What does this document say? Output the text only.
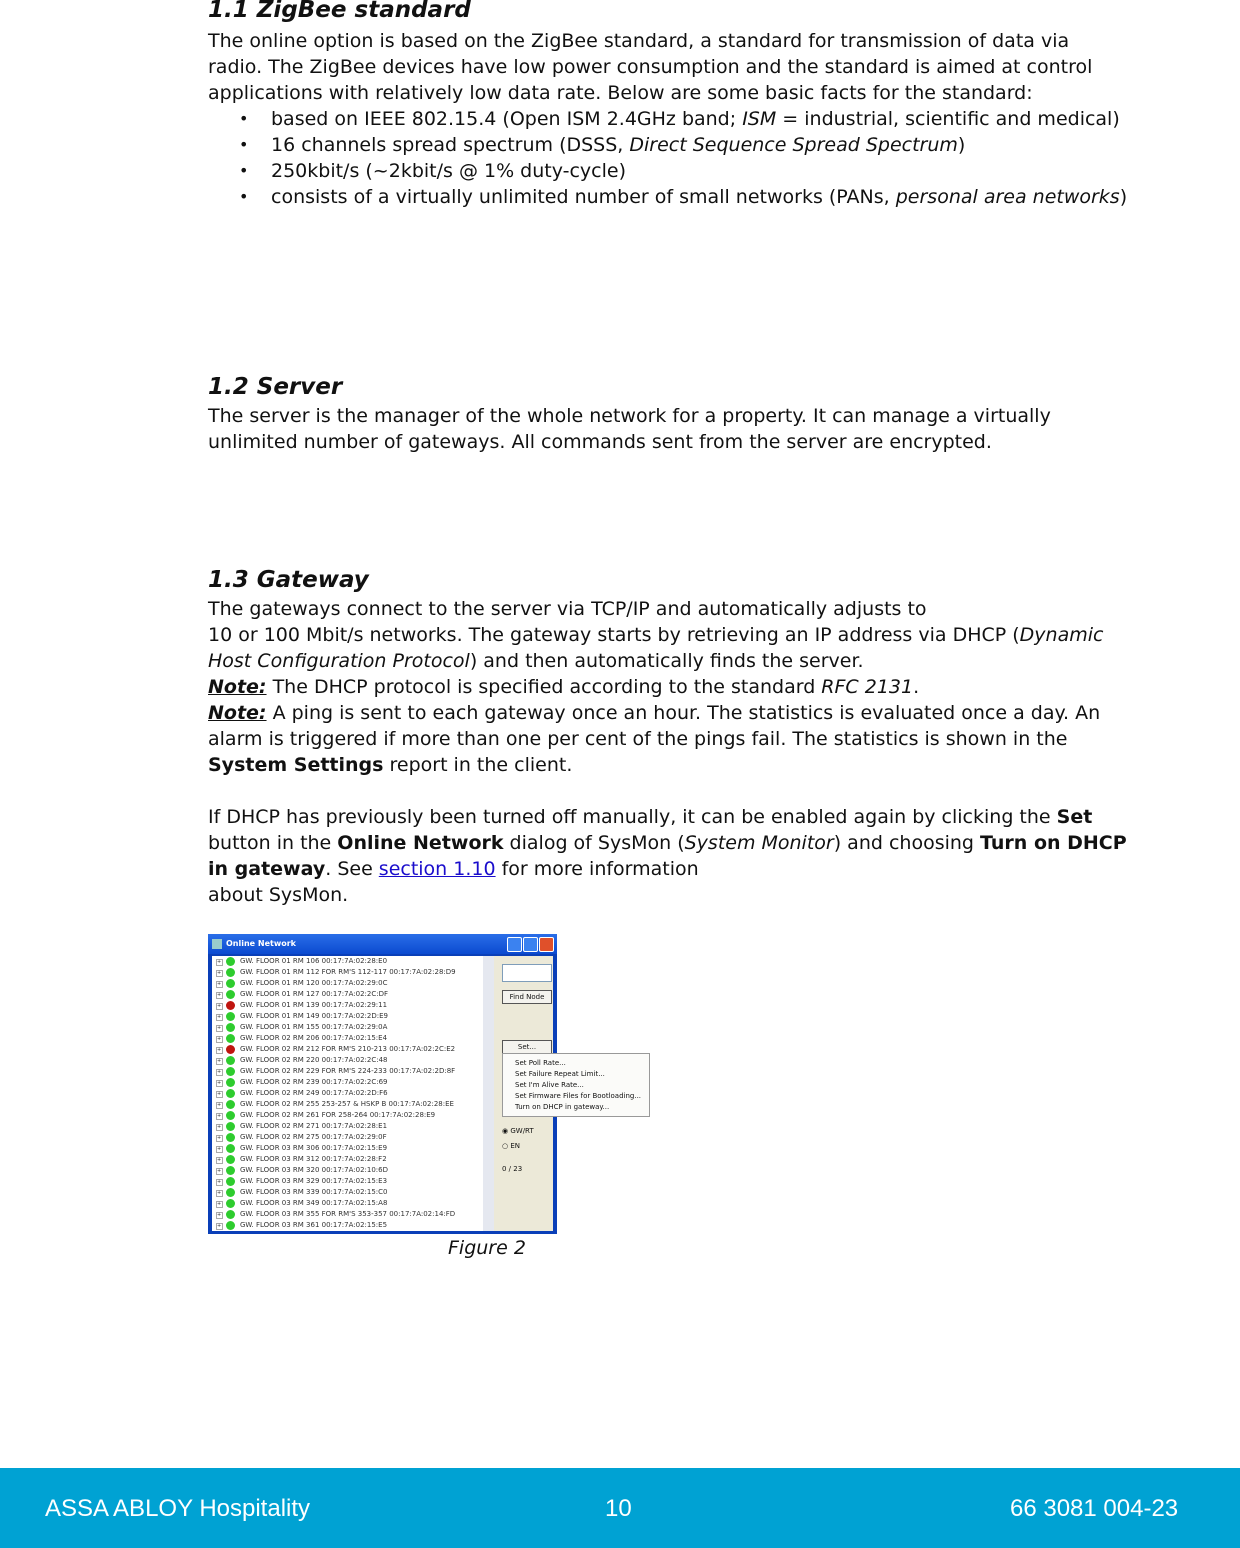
1.1 ZigBee standard

The online option is based on the ZigBee standard, a standard for transmission of data via radio. The ZigBee devices have low power consumption and the standard is aimed at control applications with relatively low data rate. Below are some basic facts for the standard:

• based on IEEE 802.15.4 (Open ISM 2.4GHz band; ISM = industrial, scientific and medical)
• 16 channels spread spectrum (DSSS, Direct Sequence Spread Spectrum)
• 250kbit/s (~2kbit/s @ 1% duty-cycle)
• consists of a virtually unlimited number of small networks (PANs, personal area networks)
1.2 Server

The server is the manager of the whole network for a property. It can manage a virtually unlimited number of gateways. All commands sent from the server are encrypted.

1.3 Gateway

The gateways connect to the server via TCP/IP and automatically adjusts to
10 or 100 Mbit/s networks. The gateway starts by retrieving an IP address via DHCP (Dynamic Host Configuration Protocol) and then automatically finds the server.

Note: The DHCP protocol is specified according to the standard RFC 2131.

Note: A ping is sent to each gateway once an hour. The statistics is evaluated once a day. An alarm is triggered if more than one per cent of the pings fail. The statistics is shown in the System Settings report in the client.

If DHCP has previously been turned off manually, it can be enabled again by clicking the Set button in the Online Network dialog of SysMon (System Monitor) and choosing Turn on DHCP in gateway. See section 1.10 for more information
about SysMon.

Online Network
+	GW. FLOOR 01 RM 106 00:17:7A:02:28:E0
+	GW. FLOOR 01 RM 112 FOR RM'S 112-117 00:17:7A:02:28:D9
+	GW. FLOOR 01 RM 120 00:17:7A:02:29:0C
+	GW. FLOOR 01 RM 127 00:17:7A:02:2C:DF
+	GW. FLOOR 01 RM 139 00:17:7A:02:29:11
+	GW. FLOOR 01 RM 149 00:17:7A:02:2D:E9
+	GW. FLOOR 01 RM 155 00:17:7A:02:29:0A
+	GW. FLOOR 02 RM 206 00:17:7A:02:15:E4
+	GW. FLOOR 02 RM 212 FOR RM'S 210-213 00:17:7A:02:2C:E2
+	GW. FLOOR 02 RM 220 00:17:7A:02:2C:48
+	GW. FLOOR 02 RM 229 FOR RM'S 224-233 00:17:7A:02:2D:8F
+	GW. FLOOR 02 RM 239 00:17:7A:02:2C:69
+	GW. FLOOR 02 RM 249 00:17:7A:02:2D:F6
+	GW. FLOOR 02 RM 255 253-257 & HSKP B 00:17:7A:02:28:EE
+	GW. FLOOR 02 RM 261 FOR 258-264 00:17:7A:02:28:E9
+	GW. FLOOR 02 RM 271 00:17:7A:02:28:E1
+	GW. FLOOR 02 RM 275 00:17:7A:02:29:0F
+	GW. FLOOR 03 RM 306 00:17:7A:02:15:E9
+	GW. FLOOR 03 RM 312 00:17:7A:02:28:F2
+	GW. FLOOR 03 RM 320 00:17:7A:02:10:6D
+	GW. FLOOR 03 RM 329 00:17:7A:02:15:E3
+	GW. FLOOR 03 RM 339 00:17:7A:02:15:C0
+	GW. FLOOR 03 RM 349 00:17:7A:02:15:A8
+	GW. FLOOR 03 RM 355 FOR RM'S 353-357 00:17:7A:02:14:FD
+	GW. FLOOR 03 RM 361 00:17:7A:02:15:E5
Find Node
Set...
◉ GW/RT
○ EN
0 / 23
Set Poll Rate...
Set Failure Repeat Limit...
Set I'm Alive Rate...
Set Firmware Files for Bootloading...
Turn on DHCP in gateway...
Figure 2
ASSA ABLOY Hospitality	10	66 3081 004-23
